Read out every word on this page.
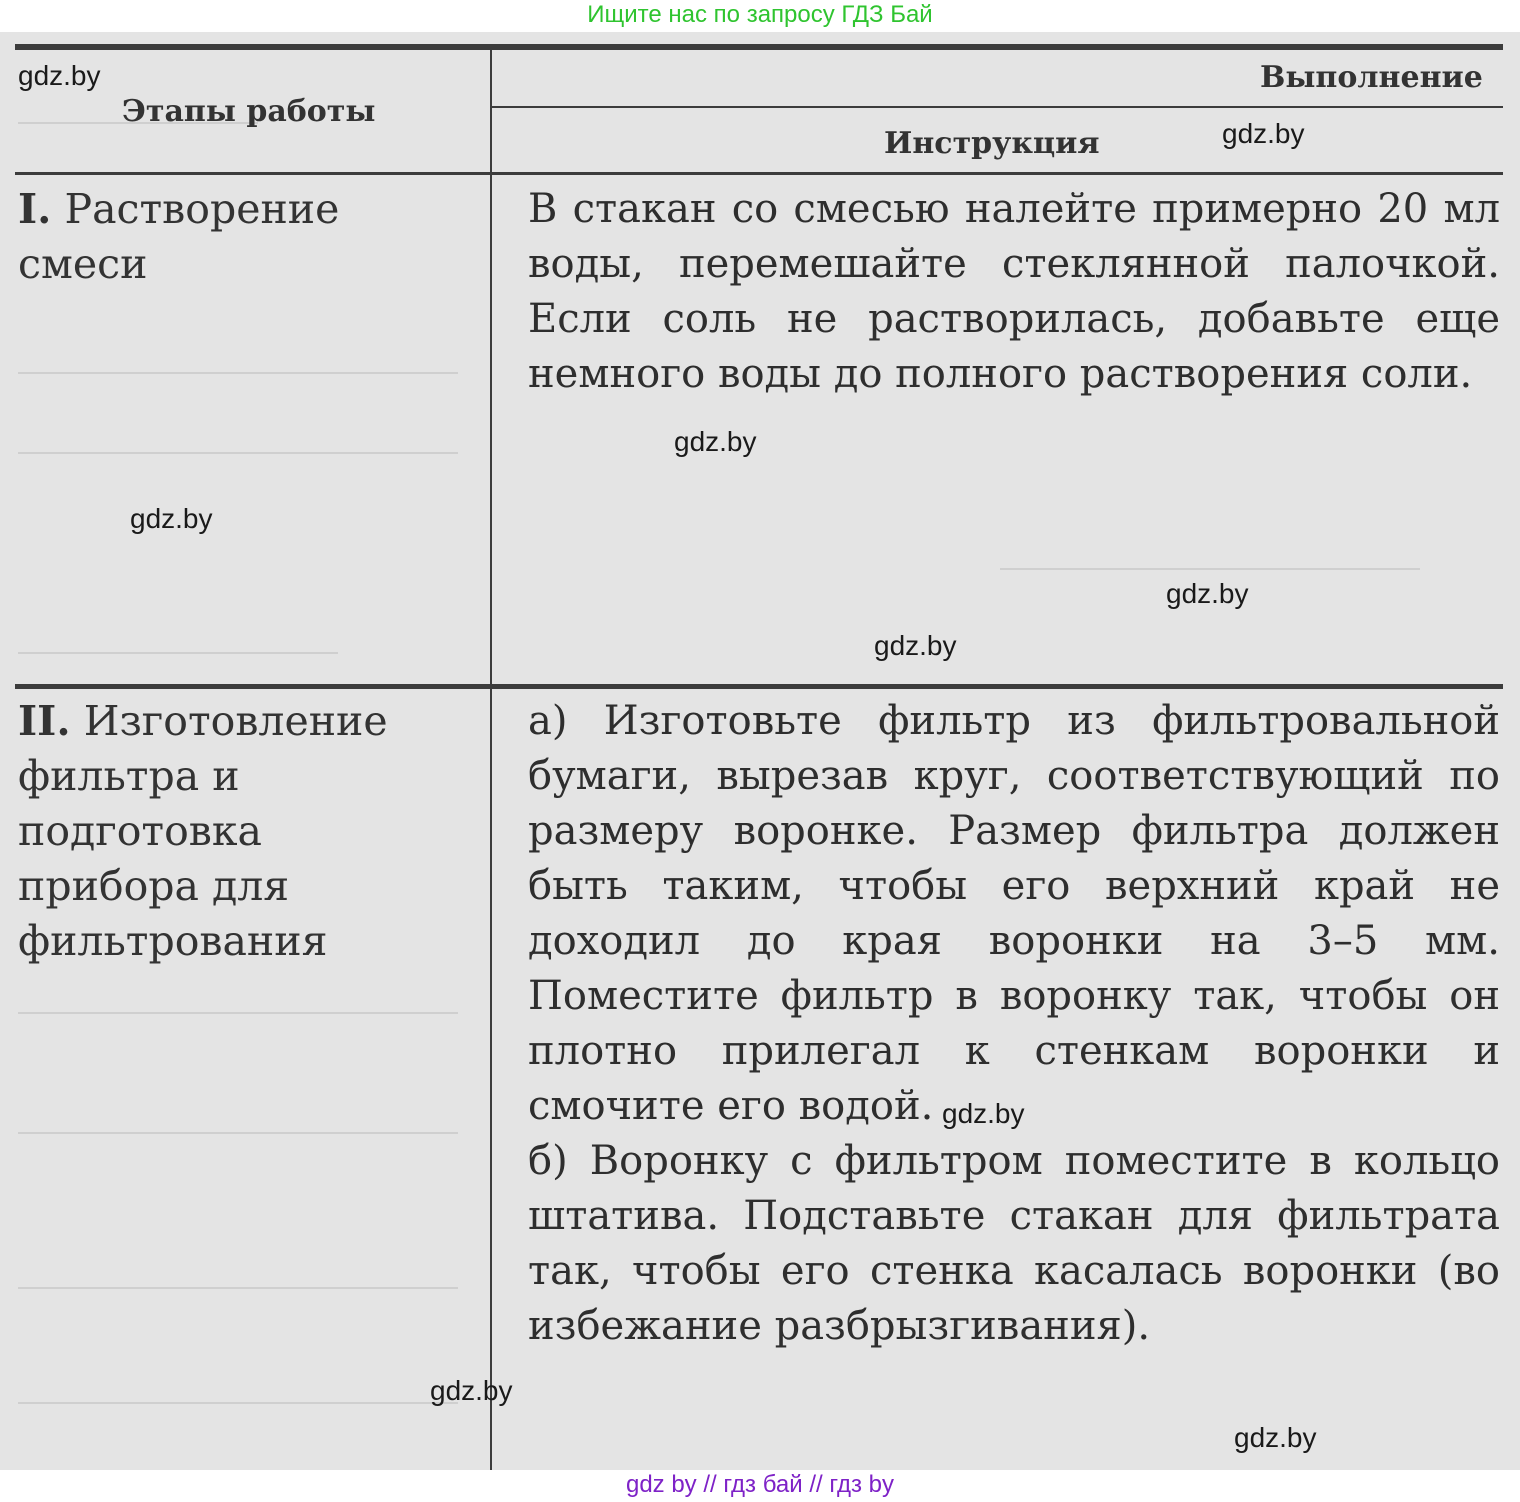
Ищите нас по запросу ГДЗ Бай
Этапы работы
Выполнение
Инструкция
I. Растворение смеси

В стакан со смесью налейте примерно 20 мл воды, перемешайте стеклянной палочкой. Если соль не растворилась, добавьте еще немного воды до полного растворения соли.

II. Изготовление фильтра и подготовка прибора для фильтрования

а) Изготовьте фильтр из фильтровальной бумаги, вырезав круг, соответствующий по размеру воронке. Размер фильтра должен быть таким, чтобы его верхний край не доходил до края воронки на 3–5 мм. Поместите фильтр в воронку так, чтобы он плотно прилегал к стенкам воронки и смочите его водой.

б) Воронку с фильтром поместите в кольцо штатива. Подставьте стакан для фильтрата так, чтобы его стенка касалась воронки (во избежание разбрызгивания).

gdz.by
gdz.by
gdz.by
gdz.by
gdz.by
gdz.by
gdz.by
gdz.by
gdz.by
gdz by // гдз бай // гдз by
